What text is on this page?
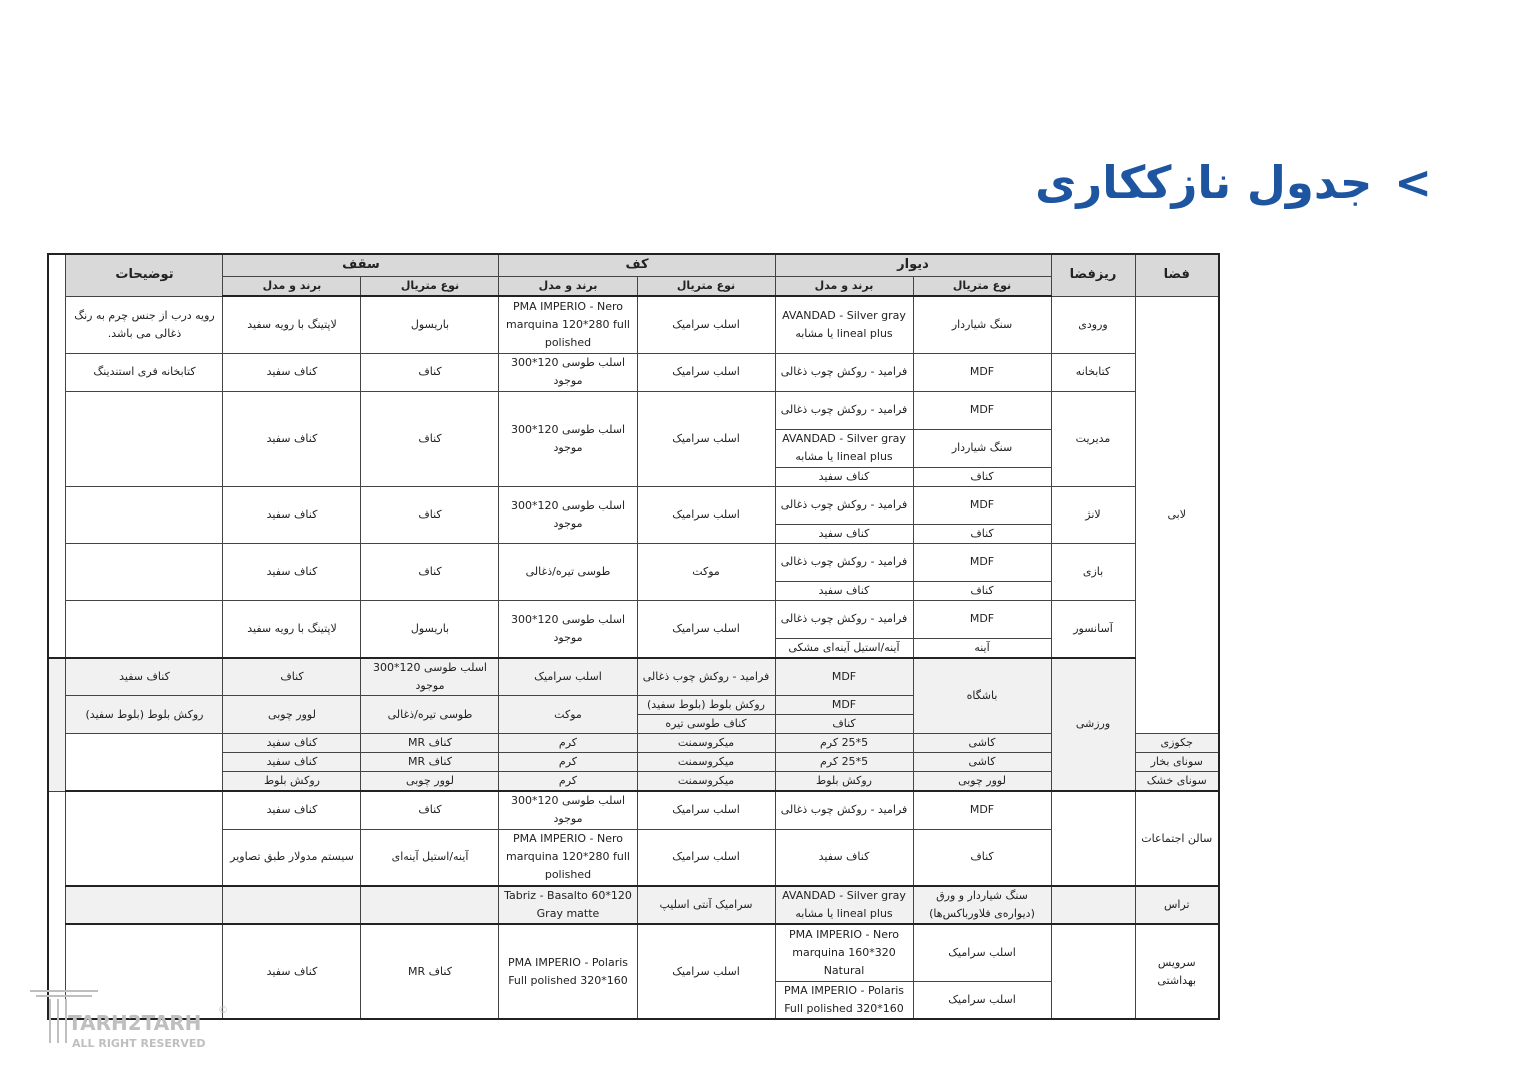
>جدول نازککاری
فضا	ریزفضا	دیوار		کف		سقف		توضیحات	
		نوع متریال	برند و مدل	نوع متریال	برند و مدل	نوع متریال	برند و مدل		
لابی	ورودی	سنگ شیاردار	AVANDAD - Silver gray lineal plus یا مشابه	اسلب سرامیک	PMA IMPERIO - Nero marquina 120*280 full polished	باریسول	لاپتینگ با رویه سفید	رویه درب از جنس چرم به رنگ ذغالی می باشد.	
	کتابخانه	MDF	فرامید - روکش چوب ذغالی	اسلب سرامیک	اسلب طوسی 120*300 موجود	کناف	کناف سفید	کتابخانه فری استندینگ	
	مدیریت	MDF	فرامید - روکش چوب ذغالی	اسلب سرامیک	اسلب طوسی 120*300 موجود	کناف	کناف سفید		
		سنگ شیاردار	AVANDAD - Silver gray lineal plus یا مشابه						
		کناف	کناف سفید						
	لانژ	MDF	فرامید - روکش چوب ذغالی	اسلب سرامیک	اسلب طوسی 120*300 موجود	کناف	کناف سفید		
		کناف	کناف سفید						
	بازی	MDF	فرامید - روکش چوب ذغالی	موکت	طوسی تیره/ذغالی	کناف	کناف سفید		
		کناف	کناف سفید						
	آسانسور	MDF	فرامید - روکش چوب ذغالی	اسلب سرامیک	اسلب طوسی 120*300 موجود	باریسول	لاپتینگ با رویه سفید		
		آینه	آینه/استیل آینه‌ای مشکی						
	ورزشی	باشگاه	MDF	فرامید - روکش چوب ذغالی	اسلب سرامیک	اسلب طوسی 120*300 موجود	کناف	کناف سفید	
			MDF	روکش بلوط (بلوط سفید)	موکت	طوسی تیره/ذغالی	لوور چوبی	روکش بلوط (بلوط سفید)	
			کناف	کناف طوسی تیره					
جکوزی		کاشی	5*25 کرم	میکروسمنت	کرم	کناف MR	کناف سفید		
سونای بخار		کاشی	5*25 کرم	میکروسمنت	کرم	کناف MR	کناف سفید		
سونای خشک		لوور چوبی	روکش بلوط	میکروسمنت	کرم	لوور چوبی	روکش بلوط		
سالن اجتماعات		MDF	فرامید - روکش چوب ذغالی	اسلب سرامیک	اسلب طوسی 120*300 موجود	کناف	کناف سفید		
		کناف	کناف سفید	اسلب سرامیک	PMA IMPERIO - Nero marquina 120*280 full polished	آینه/استیل آینه‌ای	سیستم مدولار طبق تصاویر		
تراس		سنگ شیاردار و ورق (دیواره‌ی فلاورباکس‌ها)	AVANDAD - Silver gray lineal plus یا مشابه	سرامیک آنتی اسلیپ	Tabriz - Basalto 60*120 Gray matte				
سرویس بهداشتی		اسلب سرامیک	PMA IMPERIO - Nero marquina 160*320 Natural	اسلب سرامیک	PMA IMPERIO - Polaris Full polished 320*160	کناف MR	کناف سفید		
		اسلب سرامیک	PMA IMPERIO - Polaris Full polished 320*160						
TARH2TARH
©
ALL RIGHT RESERVED
